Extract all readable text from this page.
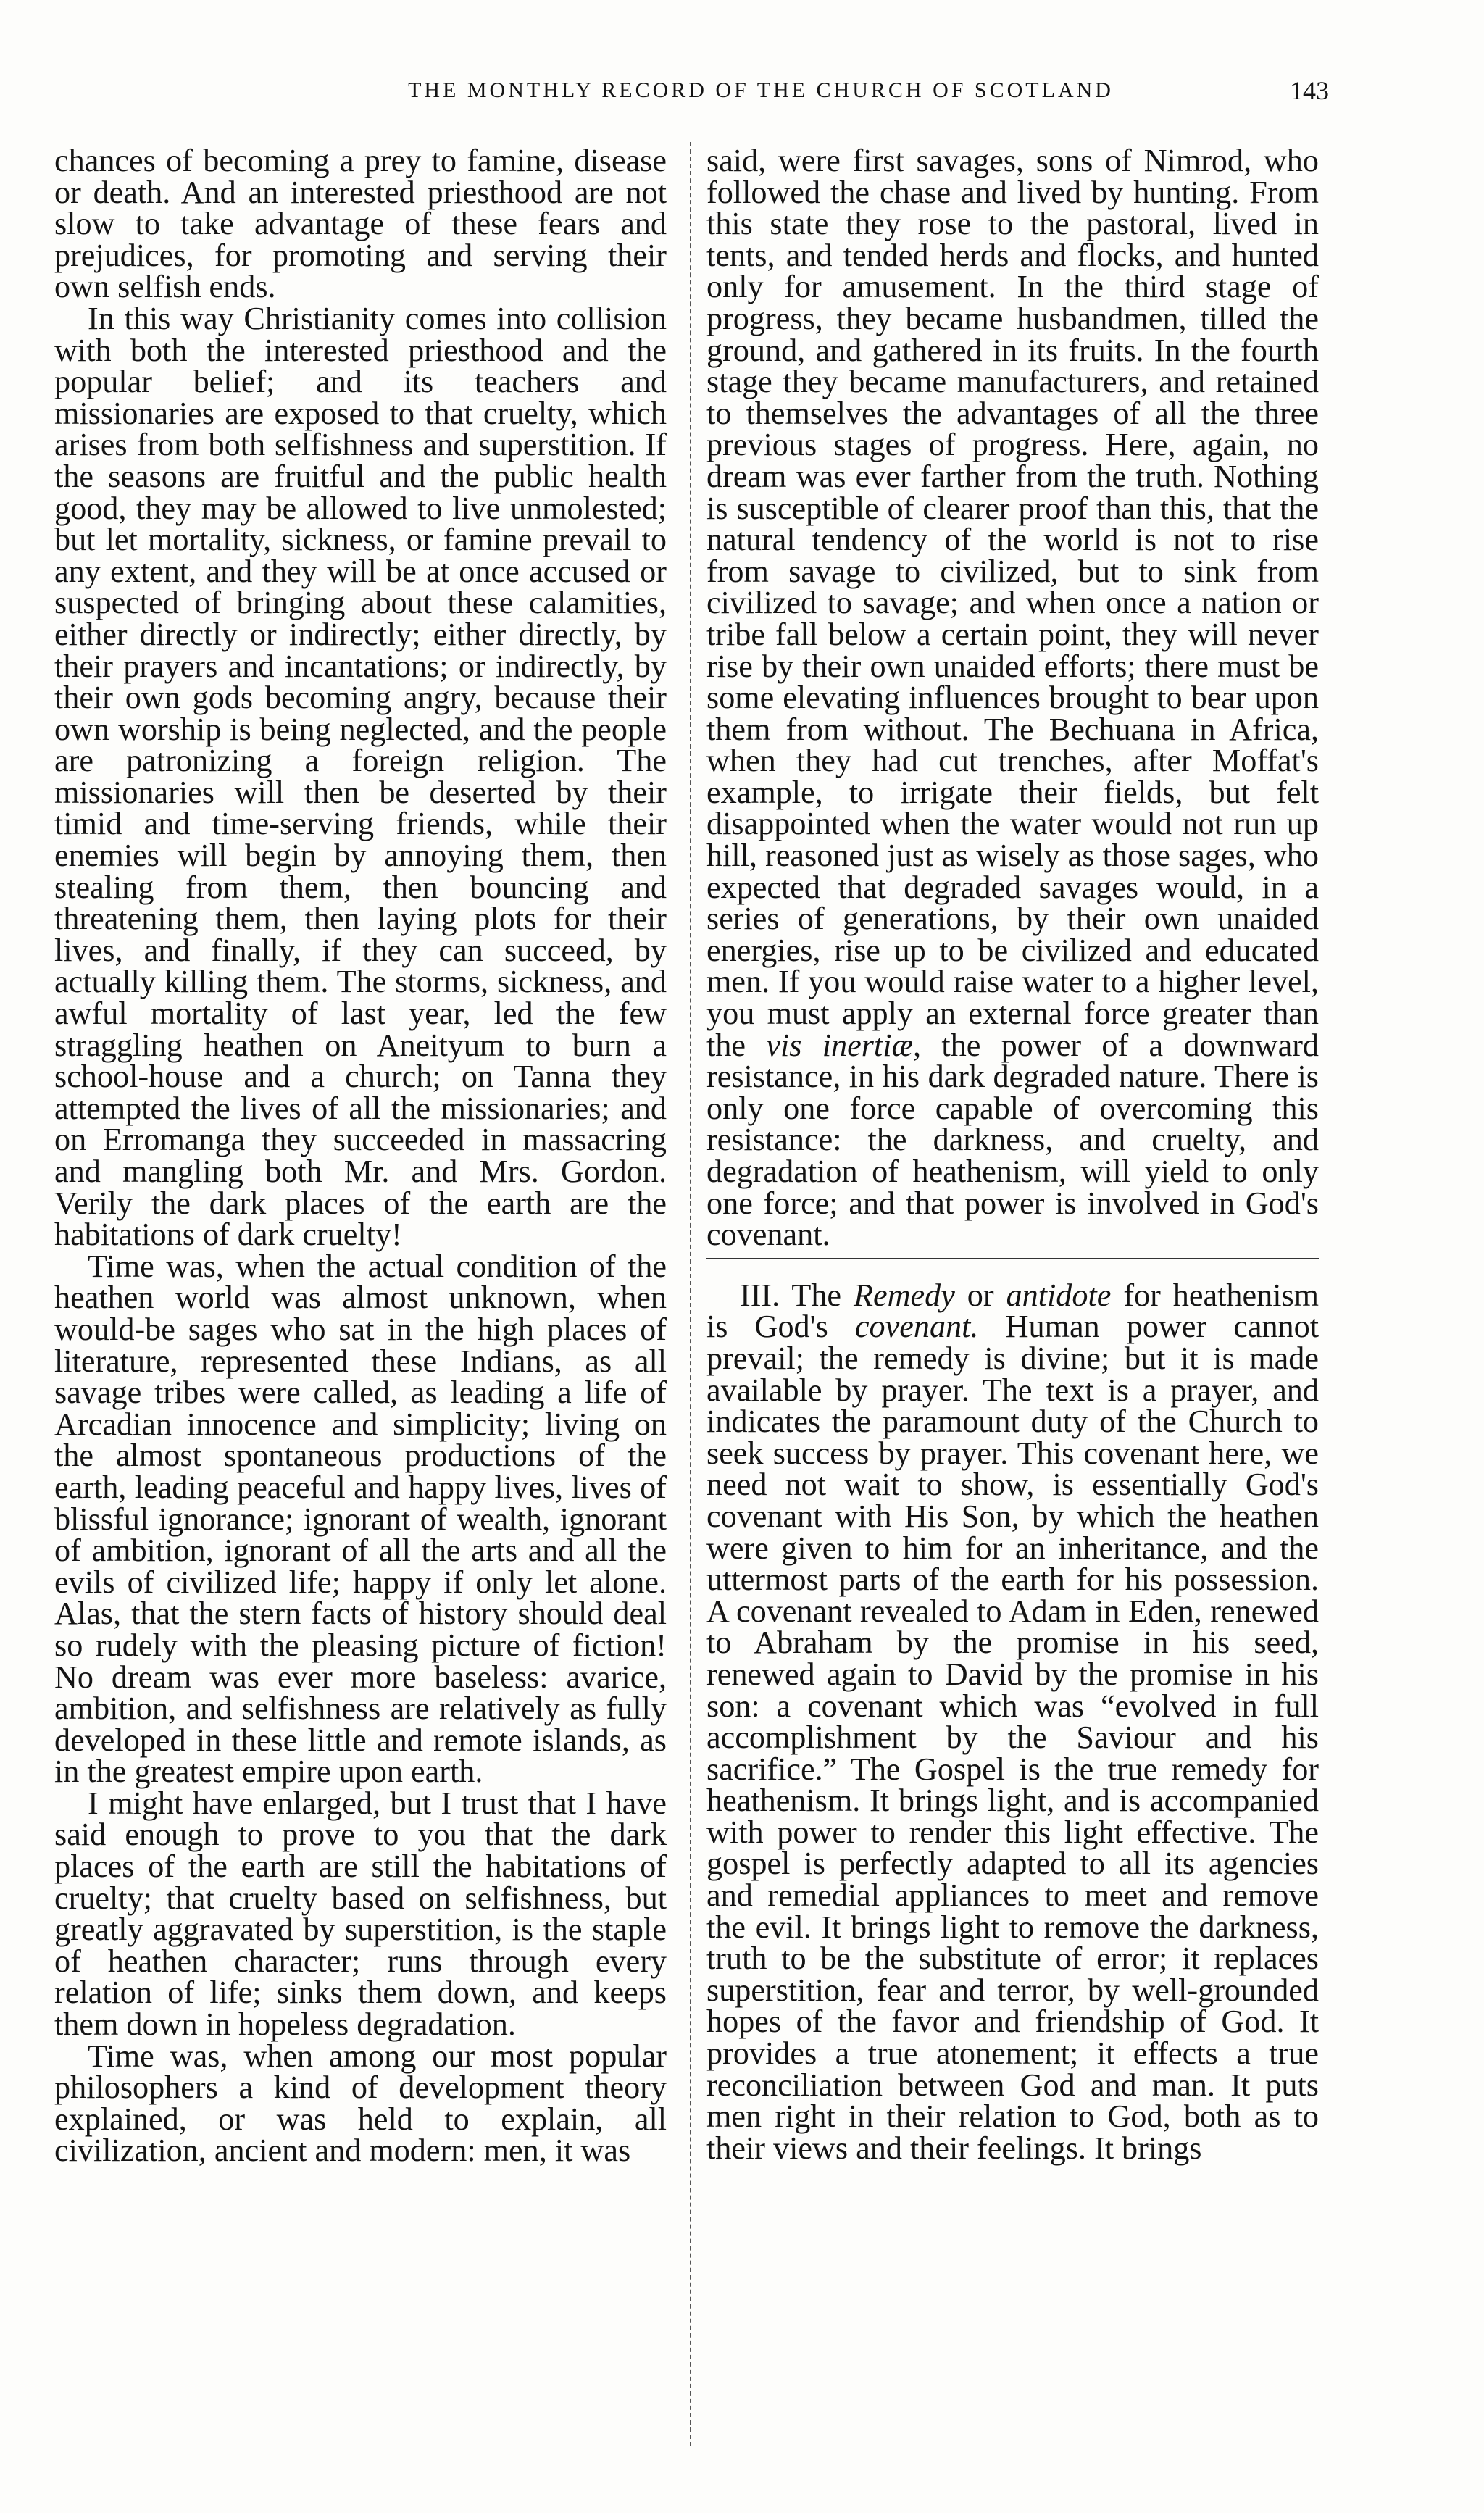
THE MONTHLY RECORD OF THE CHURCH OF SCOTLAND	143

chances of becoming a prey to famine, disease or death. And an interested priesthood are not slow to take advantage of these fears and prejudices, for promoting and serving their own selfish ends.

In this way Christianity comes into collision with both the interested priesthood and the popular belief; and its teachers and missionaries are exposed to that cruelty, which arises from both selfishness and superstition. If the seasons are fruitful and the public health good, they may be allowed to live unmolested; but let mortality, sickness, or famine prevail to any extent, and they will be at once accused or suspected of bringing about these calamities, either directly or indirectly; either directly, by their prayers and incantations; or indirectly, by their own gods becoming angry, because their own worship is being neglected, and the people are patronizing a foreign religion. The missionaries will then be deserted by their timid and time-serving friends, while their enemies will begin by annoying them, then stealing from them, then bouncing and threatening them, then laying plots for their lives, and finally, if they can succeed, by actually killing them. The storms, sickness, and awful mortality of last year, led the few straggling heathen on Aneityum to burn a school-house and a church; on Tanna they attempted the lives of all the missionaries; and on Erromanga they succeeded in massacring and mangling both Mr. and Mrs. Gordon. Verily the dark places of the earth are the habitations of dark cruelty!

Time was, when the actual condition of the heathen world was almost unknown, when would-be sages who sat in the high places of literature, represented these Indians, as all savage tribes were called, as leading a life of Arcadian innocence and simplicity; living on the almost spontaneous productions of the earth, leading peaceful and happy lives, lives of blissful ignorance; ignorant of wealth, ignorant of ambition, ignorant of all the arts and all the evils of civilized life; happy if only let alone. Alas, that the stern facts of history should deal so rudely with the pleasing picture of fiction! No dream was ever more baseless: avarice, ambition, and selfishness are relatively as fully developed in these little and remote islands, as in the greatest empire upon earth.

I might have enlarged, but I trust that I have said enough to prove to you that the dark places of the earth are still the habitations of cruelty; that cruelty based on selfishness, but greatly aggravated by superstition, is the staple of heathen character; runs through every relation of life; sinks them down, and keeps them down in hopeless degradation.

Time was, when among our most popular philosophers a kind of development theory explained, or was held to explain, all civilization, ancient and modern: men, it was

said, were first savages, sons of Nimrod, who followed the chase and lived by hunting. From this state they rose to the pastoral, lived in tents, and tended herds and flocks, and hunted only for amusement. In the third stage of progress, they became husbandmen, tilled the ground, and gathered in its fruits. In the fourth stage they became manufacturers, and retained to themselves the advantages of all the three previous stages of progress. Here, again, no dream was ever farther from the truth. Nothing is susceptible of clearer proof than this, that the natural tendency of the world is not to rise from savage to civilized, but to sink from civilized to savage; and when once a nation or tribe fall below a certain point, they will never rise by their own unaided efforts; there must be some elevating influences brought to bear upon them from without. The Bechuana in Africa, when they had cut trenches, after Moffat's example, to irrigate their fields, but felt disappointed when the water would not run up hill, reasoned just as wisely as those sages, who expected that degraded savages would, in a series of generations, by their own unaided energies, rise up to be civilized and educated men. If you would raise water to a higher level, you must apply an external force greater than the vis inertiæ, the power of a downward resistance, in his dark degraded nature. There is only one force capable of overcoming this resistance: the darkness, and cruelty, and degradation of heathenism, will yield to only one force; and that power is involved in God's covenant.

III. The Remedy or antidote for heathenism is God's covenant. Human power cannot prevail; the remedy is divine; but it is made available by prayer. The text is a prayer, and indicates the paramount duty of the Church to seek success by prayer. This covenant here, we need not wait to show, is essentially God's covenant with His Son, by which the heathen were given to him for an inheritance, and the uttermost parts of the earth for his possession. A covenant revealed to Adam in Eden, renewed to Abraham by the promise in his seed, renewed again to David by the promise in his son: a covenant which was “evolved in full accomplishment by the Saviour and his sacrifice.” The Gospel is the true remedy for heathenism. It brings light, and is accompanied with power to render this light effective. The gospel is perfectly adapted to all its agencies and remedial appliances to meet and remove the evil. It brings light to remove the darkness, truth to be the substitute of error; it replaces superstition, fear and terror, by well-grounded hopes of the favor and friendship of God. It provides a true atonement; it effects a true reconciliation between God and man. It puts men right in their relation to God, both as to their views and their feelings. It brings
